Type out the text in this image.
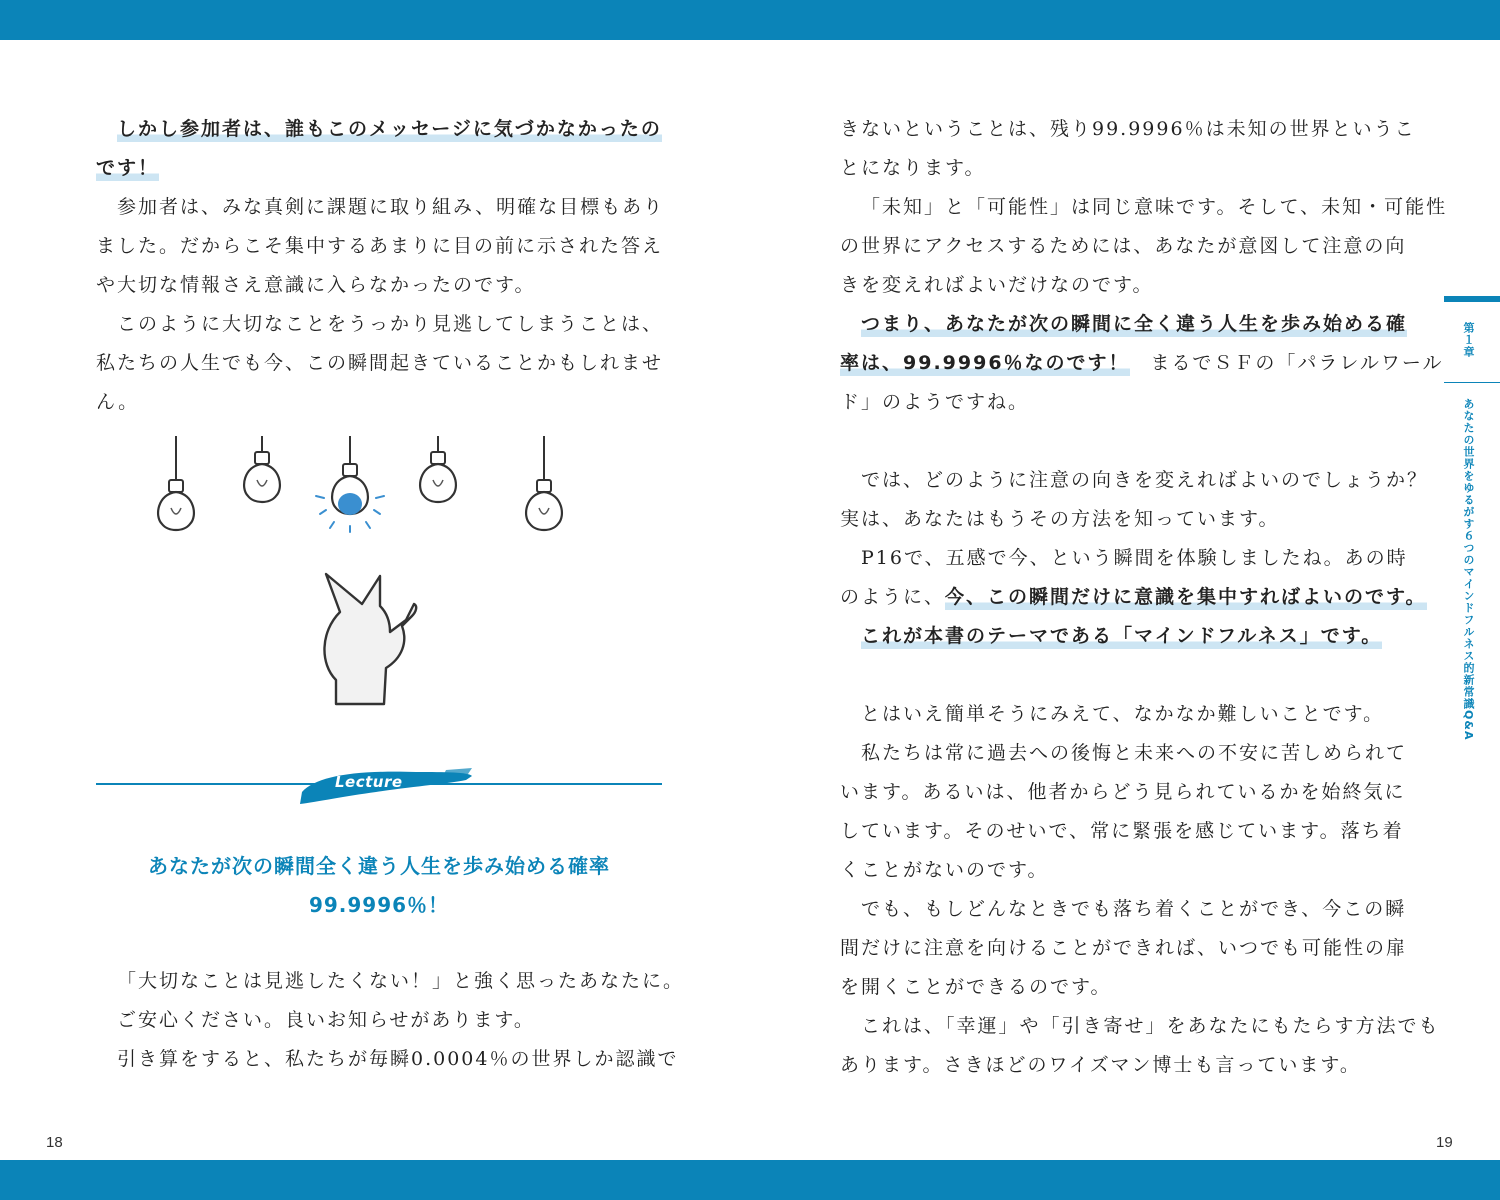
しかし参加者は、誰もこのメッセージに気づかなかったの

です！

参加者は、みな真剣に課題に取り組み、明確な目標もあり

ました。だからこそ集中するあまりに目の前に示された答え

や大切な情報さえ意識に入らなかったのです。

このように大切なことをうっかり見逃してしまうことは、

私たちの人生でも今、この瞬間起きていることかもしれませ

ん。

Lecture
あなたが次の瞬間全く違う人生を歩み始める確率
99.9996％！

「大切なことは見逃したくない！」と強く思ったあなたに。

ご安心ください。良いお知らせがあります。

引き算をすると、私たちが毎瞬0.0004％の世界しか認識で

18

きないということは、残り99.9996％は未知の世界というこ

とになります。

「未知」と「可能性」は同じ意味です。そして、未知・可能性

の世界にアクセスするためには、あなたが意図して注意の向

きを変えればよいだけなのです。

つまり、あなたが次の瞬間に全く違う人生を歩み始める確

率は、99.9996％なのです！　まるでＳＦの「パラレルワール

ド」のようですね。

では、どのように注意の向きを変えればよいのでしょうか？

実は、あなたはもうその方法を知っています。

P16で、五感で今、という瞬間を体験しましたね。あの時

のように、今、この瞬間だけに意識を集中すればよいのです。

これが本書のテーマである「マインドフルネス」です。

とはいえ簡単そうにみえて、なかなか難しいことです。

私たちは常に過去への後悔と未来への不安に苦しめられて

います。あるいは、他者からどう見られているかを始終気に

しています。そのせいで、常に緊張を感じています。落ち着

くことがないのです。

でも、もしどんなときでも落ち着くことができ、今この瞬

間だけに注意を向けることができれば、いつでも可能性の扉

を開くことができるのです。

これは、「幸運」や「引き寄せ」をあなたにもたらす方法でも

あります。さきほどのワイズマン博士も言っています。

19
第１章
あなたの世界をゆるがす６つのマインドフルネス的新常識Q&A
